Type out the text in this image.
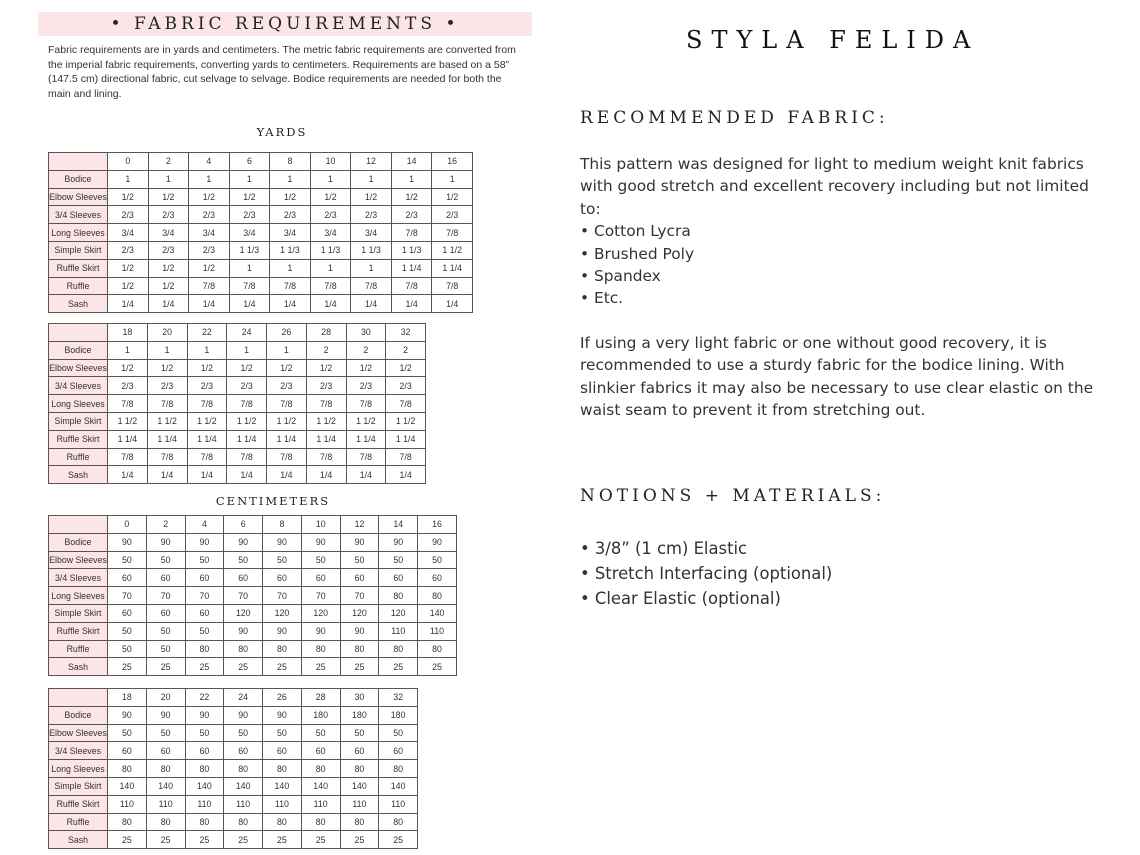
• FABRIC REQUIREMENTS •
Fabric requirements are in yards and centimeters. The metric fabric requirements are converted from the imperial fabric requirements, converting yards to centimeters. Requirements are based on a 58” (147.5 cm) directional fabric, cut selvage to selvage. Bodice requirements are needed for both the main and lining.
YARDS
CENTIMETERS
	0	2	4	6	8	10	12	14	16
Bodice	1	1	1	1	1	1	1	1	1
Elbow Sleeves	1/2	1/2	1/2	1/2	1/2	1/2	1/2	1/2	1/2
3/4 Sleeves	2/3	2/3	2/3	2/3	2/3	2/3	2/3	2/3	2/3
Long Sleeves	3/4	3/4	3/4	3/4	3/4	3/4	3/4	7/8	7/8
Simple Skirt	2/3	2/3	2/3	1 1/3	1 1/3	1 1/3	1 1/3	1 1/3	1 1/2
Ruffle Skirt	1/2	1/2	1/2	1	1	1	1	1 1/4	1 1/4
Ruffle	1/2	1/2	7/8	7/8	7/8	7/8	7/8	7/8	7/8
Sash	1/4	1/4	1/4	1/4	1/4	1/4	1/4	1/4	1/4
	18	20	22	24	26	28	30	32
Bodice	1	1	1	1	1	2	2	2
Elbow Sleeves	1/2	1/2	1/2	1/2	1/2	1/2	1/2	1/2
3/4 Sleeves	2/3	2/3	2/3	2/3	2/3	2/3	2/3	2/3
Long Sleeves	7/8	7/8	7/8	7/8	7/8	7/8	7/8	7/8
Simple Skirt	1 1/2	1 1/2	1 1/2	1 1/2	1 1/2	1 1/2	1 1/2	1 1/2
Ruffle Skirt	1 1/4	1 1/4	1 1/4	1 1/4	1 1/4	1 1/4	1 1/4	1 1/4
Ruffle	7/8	7/8	7/8	7/8	7/8	7/8	7/8	7/8
Sash	1/4	1/4	1/4	1/4	1/4	1/4	1/4	1/4
	0	2	4	6	8	10	12	14	16
Bodice	90	90	90	90	90	90	90	90	90
Elbow Sleeves	50	50	50	50	50	50	50	50	50
3/4 Sleeves	60	60	60	60	60	60	60	60	60
Long Sleeves	70	70	70	70	70	70	70	80	80
Simple Skirt	60	60	60	120	120	120	120	120	140
Ruffle Skirt	50	50	50	90	90	90	90	110	110
Ruffle	50	50	80	80	80	80	80	80	80
Sash	25	25	25	25	25	25	25	25	25
	18	20	22	24	26	28	30	32
Bodice	90	90	90	90	90	180	180	180
Elbow Sleeves	50	50	50	50	50	50	50	50
3/4 Sleeves	60	60	60	60	60	60	60	60
Long Sleeves	80	80	80	80	80	80	80	80
Simple Skirt	140	140	140	140	140	140	140	140
Ruffle Skirt	110	110	110	110	110	110	110	110
Ruffle	80	80	80	80	80	80	80	80
Sash	25	25	25	25	25	25	25	25
STYLA FELIDA
RECOMMENDED FABRIC:
This pattern was designed for light to medium weight knit fabrics
with good stretch and excellent recovery including but not limited
to:
• Cotton Lycra
• Brushed Poly
• Spandex
• Etc.
If using a very light fabric or one without good recovery, it is
recommended to use a sturdy fabric for the bodice lining. With
slinkier fabrics it may also be necessary to use clear elastic on the
waist seam to prevent it from stretching out.
NOTIONS + MATERIALS:
• 3/8” (1 cm) Elastic
• Stretch Interfacing (optional)
• Clear Elastic (optional)
